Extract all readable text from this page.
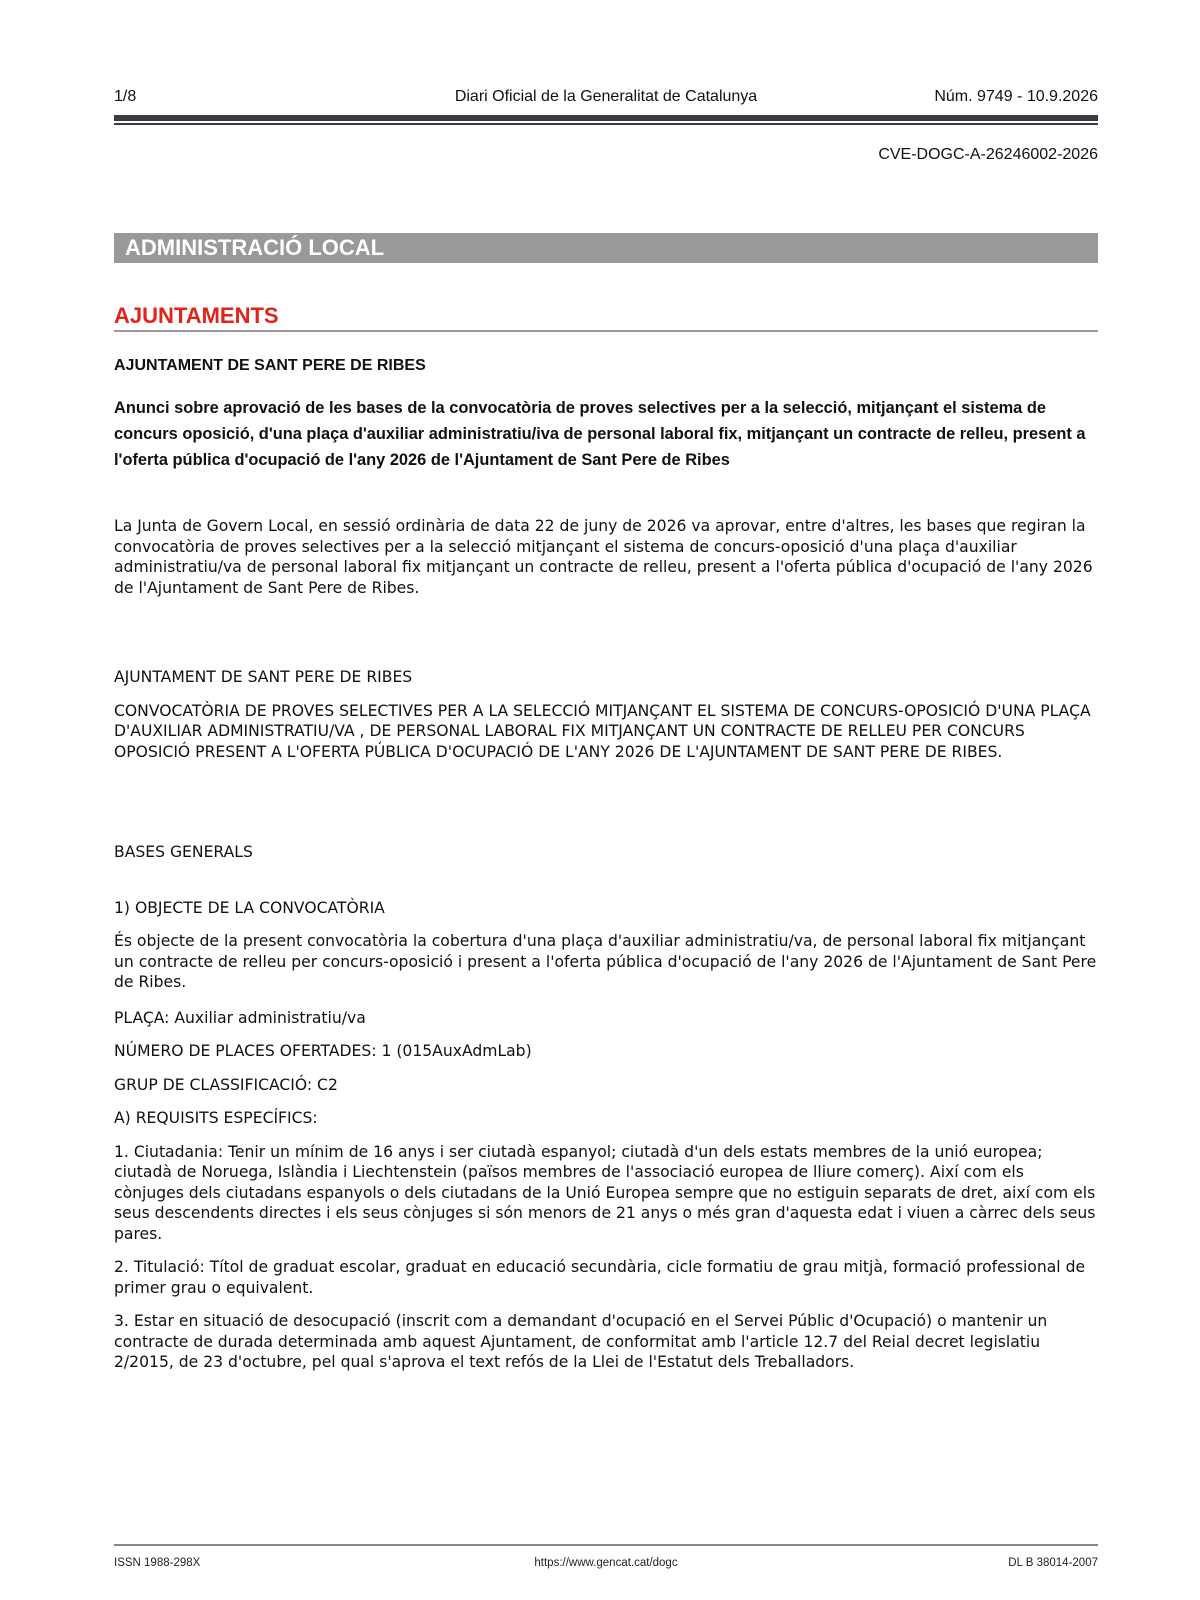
1/8	Diari Oficial de la Generalitat de Catalunya	Núm. 9749 - 10.9.2026
CVE-DOGC-A-26246002-2026
ADMINISTRACIÓ LOCAL
AJUNTAMENTS
AJUNTAMENT DE SANT PERE DE RIBES
Anunci sobre aprovació de les bases de la convocatòria de proves selectives per a la selecció, mitjançant el sistema de concurs oposició, d'una plaça d'auxiliar administratiu/iva de personal laboral fix, mitjançant un contracte de relleu, present a l'oferta pública d'ocupació de l'any 2026 de l'Ajuntament de Sant Pere de Ribes

La Junta de Govern Local, en sessió ordinària de data 22 de juny de 2026 va aprovar, entre d'altres, les bases que regiran la convocatòria de proves selectives per a la selecció mitjançant el sistema de concurs-oposició d'una plaça d'auxiliar administratiu/va de personal laboral fix mitjançant un contracte de relleu, present a l'oferta pública d'ocupació de l'any 2026 de l'Ajuntament de Sant Pere de Ribes.

AJUNTAMENT DE SANT PERE DE RIBES

CONVOCATÒRIA DE PROVES SELECTIVES PER A LA SELECCIÓ MITJANÇANT EL SISTEMA DE CONCURS-OPOSICIÓ D'UNA PLAÇA D'AUXILIAR ADMINISTRATIU/VA , DE PERSONAL LABORAL FIX MITJANÇANT UN CONTRACTE DE RELLEU PER CONCURS OPOSICIÓ PRESENT A L'OFERTA PÚBLICA D'OCUPACIÓ DE L'ANY 2026 DE L'AJUNTAMENT DE SANT PERE DE RIBES.

BASES GENERALS

1) OBJECTE DE LA CONVOCATÒRIA

És objecte de la present convocatòria la cobertura d'una plaça d'auxiliar administratiu/va, de personal laboral fix mitjançant un contracte de relleu per concurs-oposició i present a l'oferta pública d'ocupació de l'any 2026 de l'Ajuntament de Sant Pere de Ribes.

PLAÇA: Auxiliar administratiu/va

NÚMERO DE PLACES OFERTADES: 1 (015AuxAdmLab)

GRUP DE CLASSIFICACIÓ: C2

A) REQUISITS ESPECÍFICS:

1. Ciutadania: Tenir un mínim de 16 anys i ser ciutadà espanyol; ciutadà d'un dels estats membres de la unió europea; ciutadà de Noruega, Islàndia i Liechtenstein (països membres de l'associació europea de lliure comerç). Així com els cònjuges dels ciutadans espanyols o dels ciutadans de la Unió Europea sempre que no estiguin separats de dret, així com els seus descendents directes i els seus cònjuges si són menors de 21 anys o més gran d'aquesta edat i viuen a càrrec dels seus pares.

2. Titulació: Títol de graduat escolar, graduat en educació secundària, cicle formatiu de grau mitjà, formació professional de primer grau o equivalent.

3. Estar en situació de desocupació (inscrit com a demandant d'ocupació en el Servei Públic d'Ocupació) o mantenir un contracte de durada determinada amb aquest Ajuntament, de conformitat amb l'article 12.7 del Reial decret legislatiu 2/2015, de 23 d'octubre, pel qual s'aprova el text refós de la Llei de l'Estatut dels Treballadors.

ISSN 1988-298X	https://www.gencat.cat/dogc	DL B 38014-2007
